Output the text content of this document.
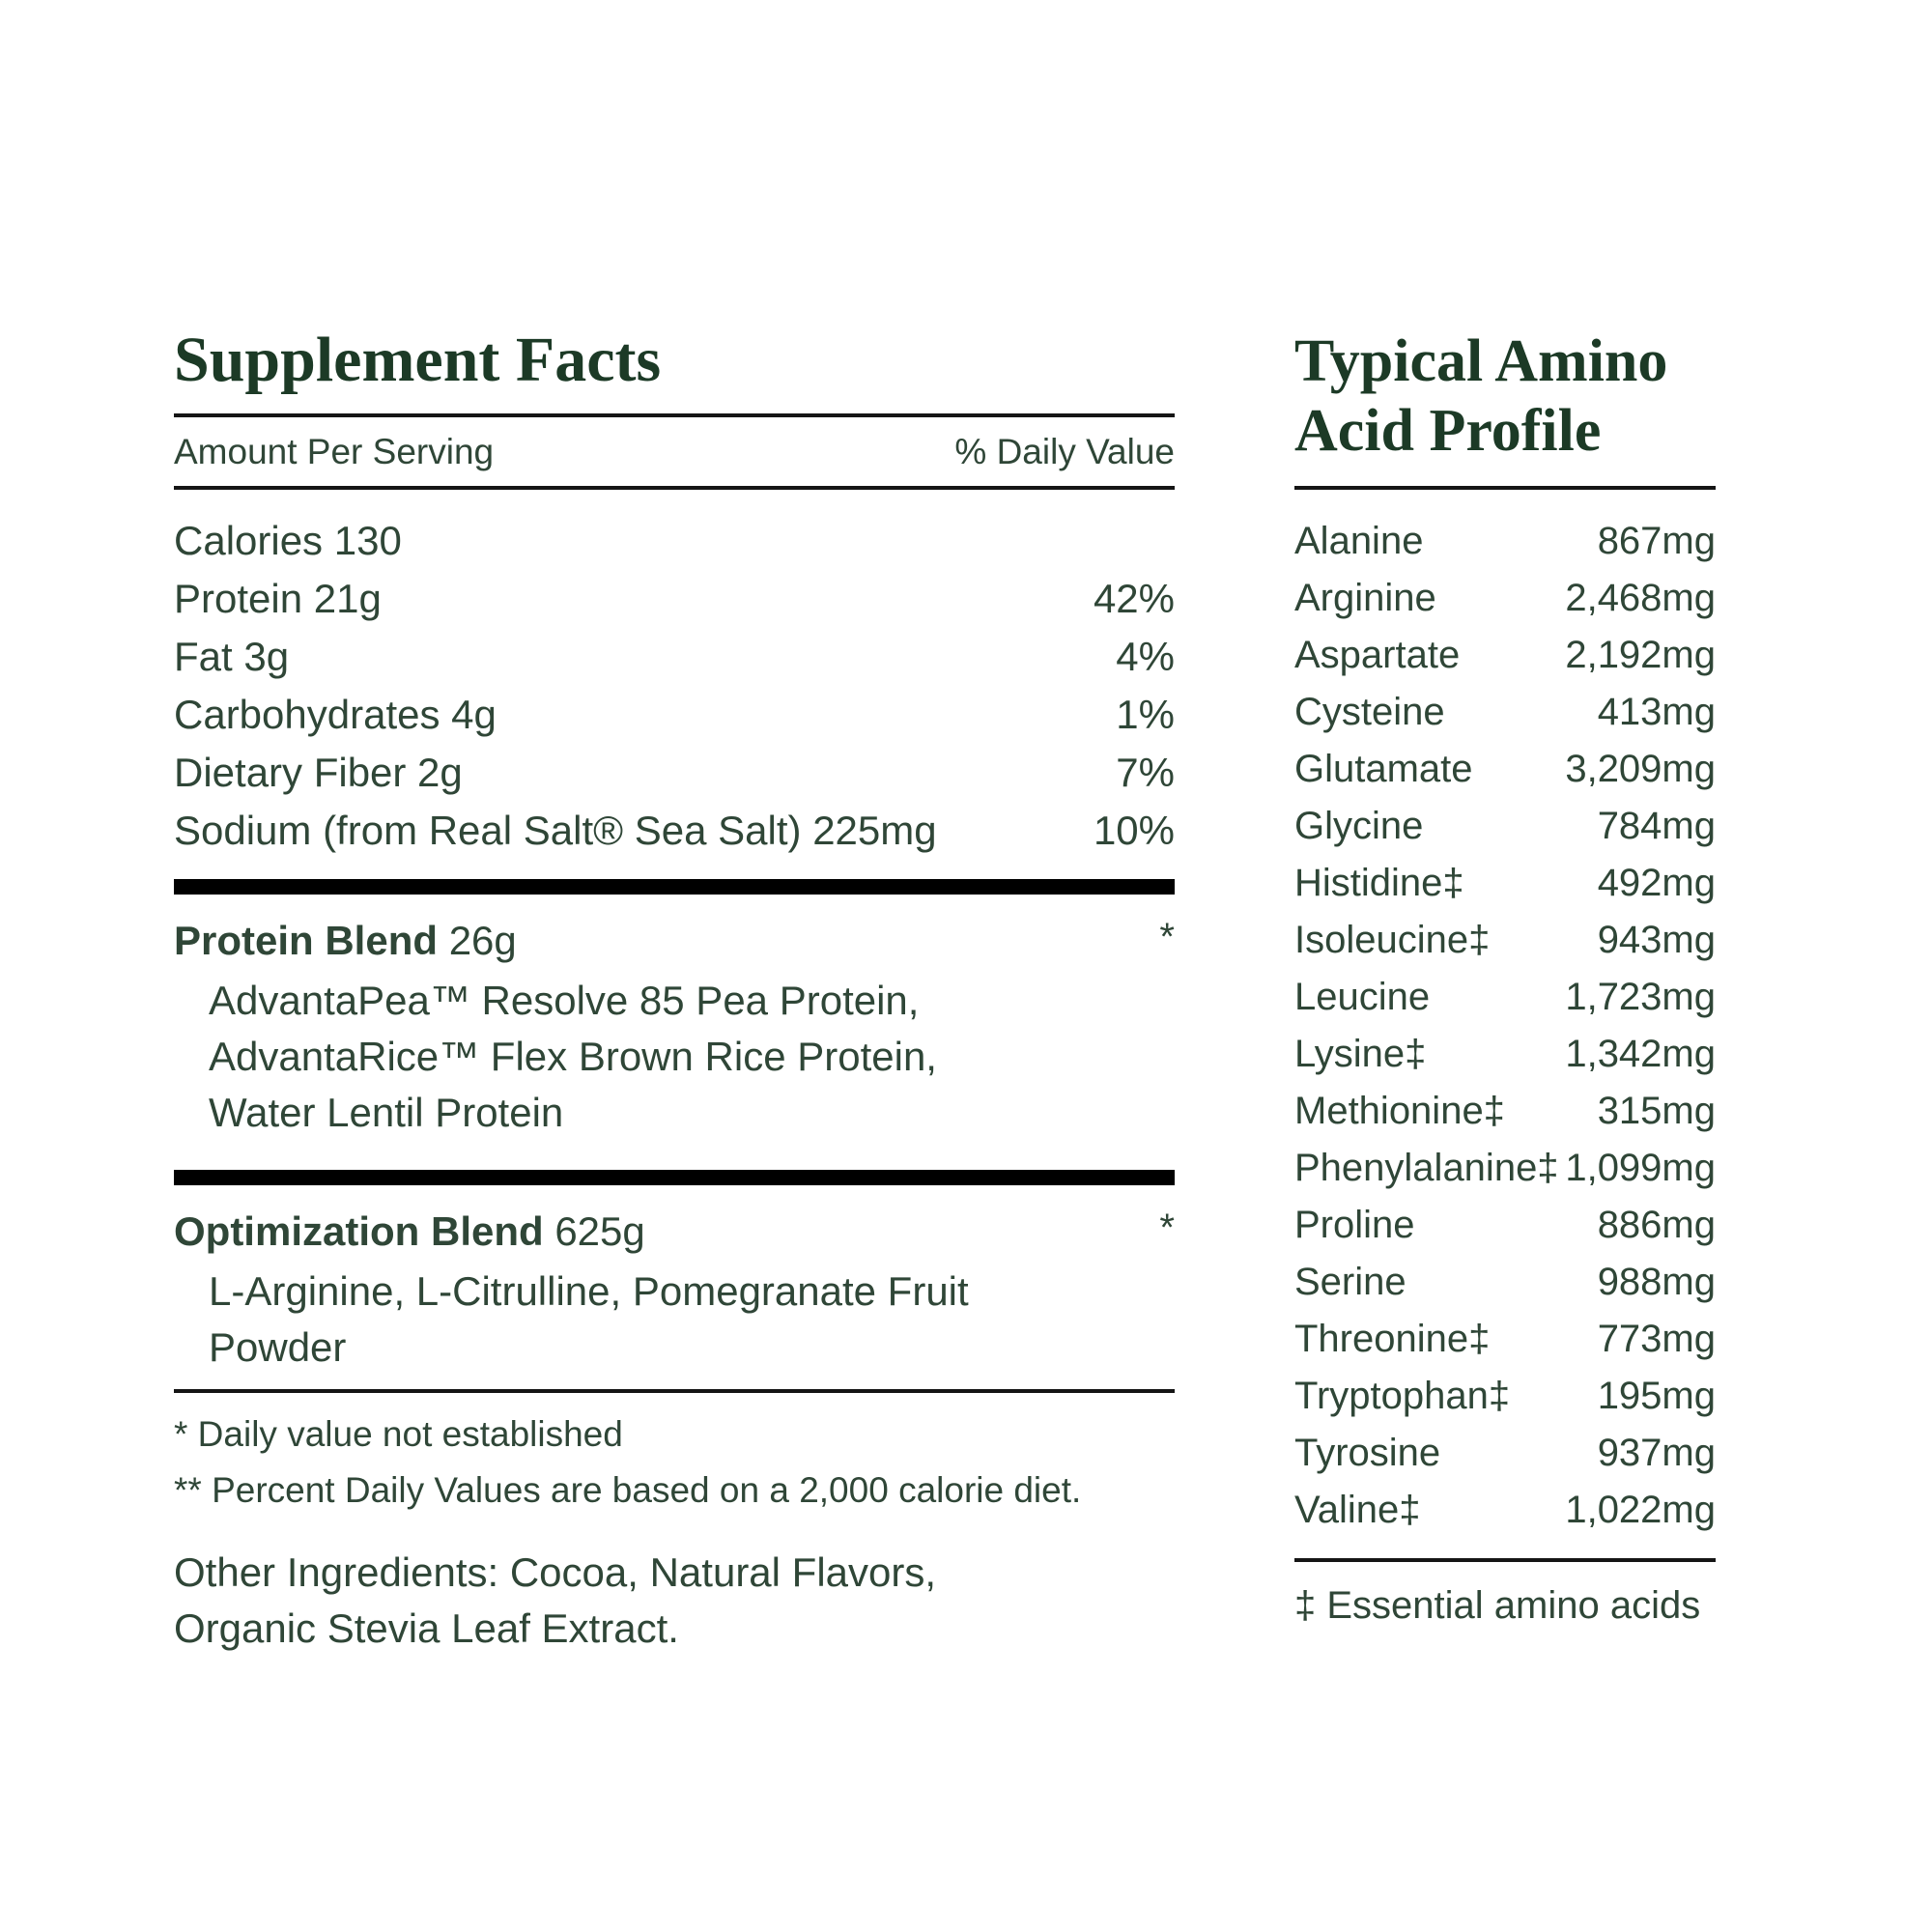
Supplement Facts
Amount Per Serving	% Daily Value
Calories 130
Protein 21g	42%
Fat 3g	4%
Carbohydrates 4g	1%
Dietary Fiber 2g	7%
Sodium (from Real Salt® Sea Salt) 225mg	10%
Protein Blend 26g	*
AdvantaPea™ Resolve 85 Pea Protein,
AdvantaRice™ Flex Brown Rice Protein,
Water Lentil Protein
Optimization Blend 625g	*
L-Arginine, L-Citrulline, Pomegranate Fruit
Powder
* Daily value not established
** Percent Daily Values are based on a 2,000 calorie diet.
Other Ingredients: Cocoa, Natural Flavors, Organic Stevia Leaf Extract.
Typical Amino
Acid Profile
Alanine	867mg
Arginine	2,468mg
Aspartate	2,192mg
Cysteine	413mg
Glutamate 3,209mg
Glycine	784mg
Histidine‡	492mg
Isoleucine‡	943mg
Leucine	1,723mg
Lysine‡	1,342mg
Methionine‡ 315mg
Phenylalanine‡ 1,099mg
Proline	886mg
Serine	988mg
Threonine‡	773mg
Tryptophan‡ 195mg
Tyrosine	937mg
Valine‡	1,022mg
‡ Essential amino acids
